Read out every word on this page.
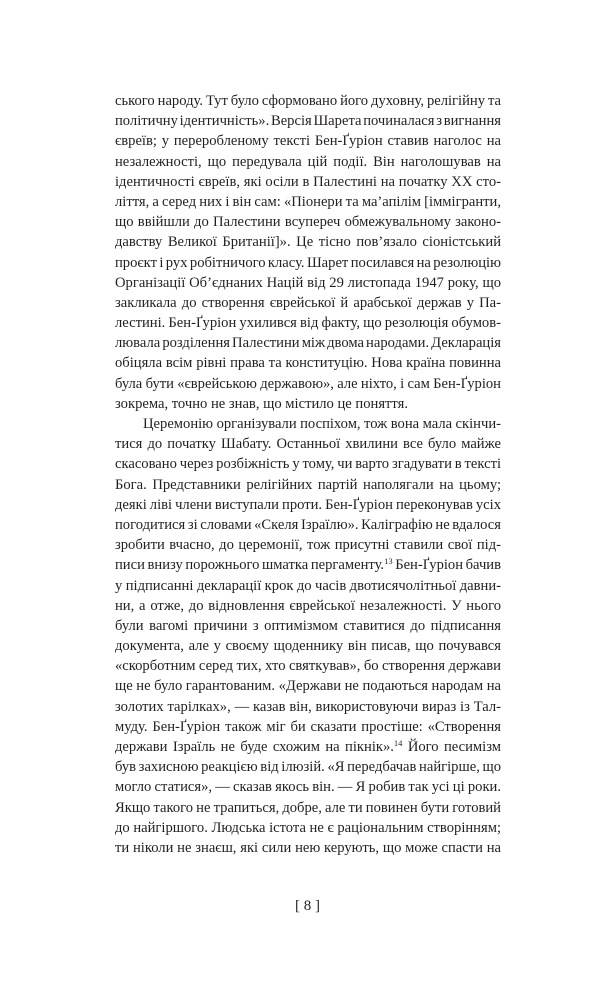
ського народу. Тут було сформовано його духовну, релігійну та
політичну ідентичність». Версія Шарета починалася з вигнання
євреїв; у переробленому тексті Бен-Ґуріон ставив наголос на
незалежності, що передувала цій події. Він наголошував на
ідентичності євреїв, які осіли в Палестині на початку XX сто-
ліття, а серед них і він сам: «Піонери та ма’апілім [іммігранти,
що ввійшли до Палестини всупереч обмежувальному законо-
давству Великої Британії]». Це тісно пов’язало сіоністський
проєкт і рух робітничого класу. Шарет посилався на резолюцію
Організації Об’єднаних Націй від 29 листопада 1947 року, що
закликала до створення єврейської й арабської держав у Па-
лестині. Бен-Ґуріон ухилився від факту, що резолюція обумов-
лювала розділення Палестини між двома народами. Декларація
обіцяла всім рівні права та конституцію. Нова країна повинна
була бути «єврейською державою», але ніхто, і сам Бен-Ґуріон
зокрема, точно не знав, що містило це поняття.
Церемонію організували поспіхом, тож вона мала скінчи-
тися до початку Шабату. Останньої хвилини все було майже
скасовано через розбіжність у тому, чи варто згадувати в тексті
Бога. Представники релігійних партій наполягали на цьому;
деякі ліві члени виступали проти. Бен-Ґуріон переконував усіх
погодитися зі словами «Скеля Ізраїлю». Каліграфію не вдалося
зробити вчасно, до церемонії, тож присутні ставили свої під-
писи внизу порожнього шматка пергаменту.$^{13}$ Бен-Ґуріон бачив
у підписанні декларації крок до часів двотисячолітньої давни-
ни, а отже, до відновлення єврейської незалежності. У нього
були вагомі причини з оптимізмом ставитися до підписання
документа, але у своєму щоденнику він писав, що почувався
«скорботним серед тих, хто святкував», бо створення держави
ще не було гарантованим. «Держави не подаються народам на
золотих тарілках», — казав він, використовуючи вираз із Тал-
муду. Бен-Ґуріон також міг би сказати простіше: «Створення
держави Ізраїль не буде схожим на пікнік».$^{14}$ Його песимізм
був захисною реакцією від ілюзій. «Я передбачав найгірше, що
могло статися», — сказав якось він. — Я робив так усі ці роки.
Якщо такого не трапиться, добре, але ти повинен бути готовий
до найгіршого. Людська істота не є раціональним створінням;
ти ніколи не знаєш, які сили нею керують, що може спасти на
[ 8 ]
